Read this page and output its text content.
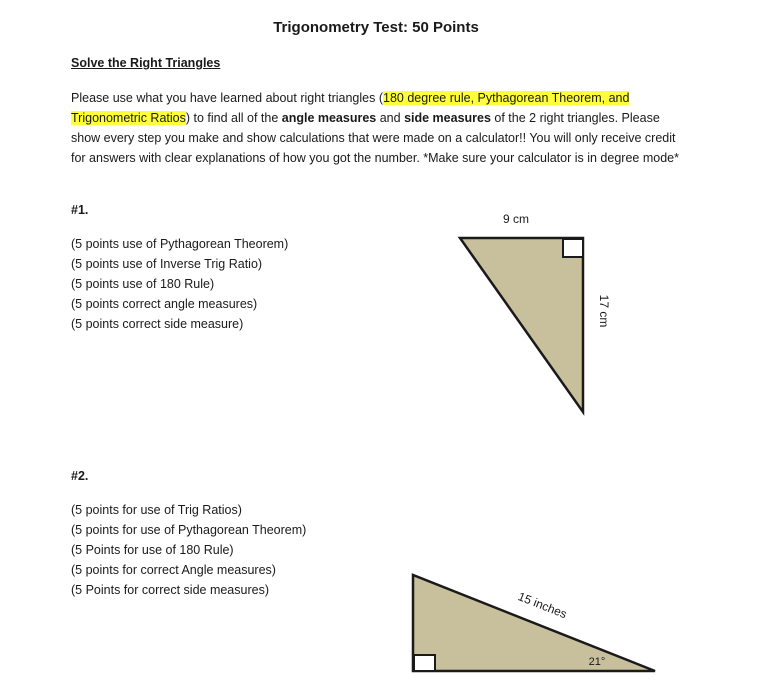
Trigonometry Test: 50 Points
Solve the Right Triangles
Please use what you have learned about right triangles (180 degree rule, Pythagorean Theorem, and Trigonometric Ratios) to find all of the angle measures and side measures of the 2 right triangles. Please show every step you make and show calculations that were made on a calculator!! You will only receive credit for answers with clear explanations of how you got the number. *Make sure your calculator is in degree mode*
#1.
(5 points use of Pythagorean Theorem)
(5 points use of Inverse Trig Ratio)
(5 points use of 180 Rule)
(5 points correct angle measures)
(5 points correct side measure)
#2.
(5 points for use of Trig Ratios)
(5 points for use of Pythagorean Theorem)
(5 Points for use of 180 Rule)
(5 points for correct Angle measures)
(5 Points for correct side measures)
9 cm
17 cm
15 inches
21°
